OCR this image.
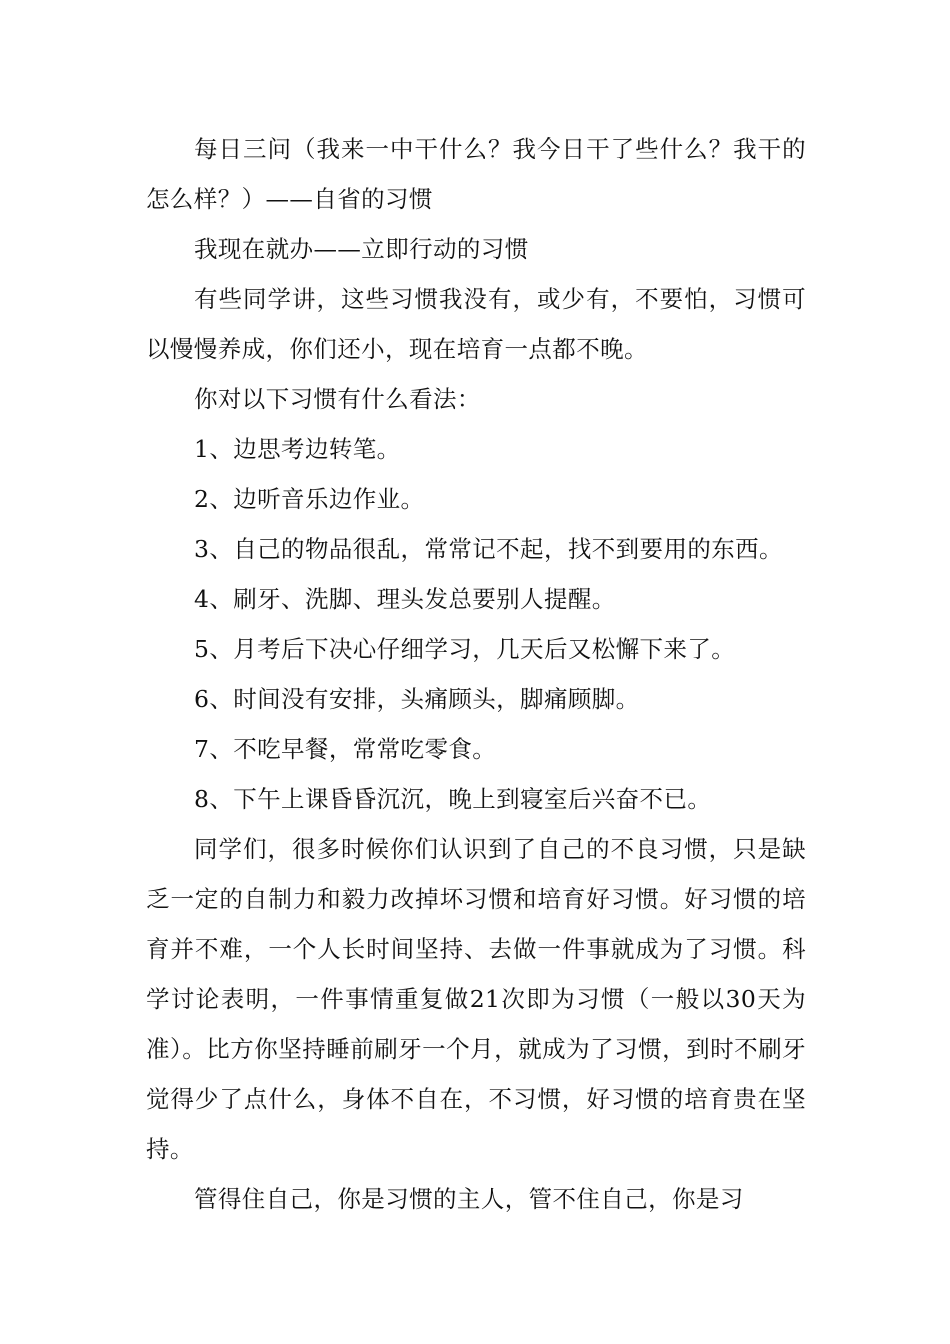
每日三问（我来一中干什么？我今日干了些什么？我干的怎么样？）——自省的习惯

我现在就办——立即行动的习惯

有些同学讲，这些习惯我没有，或少有，不要怕，习惯可以慢慢养成，你们还小，现在培育一点都不晚。

你对以下习惯有什么看法：

1、边思考边转笔。

2、边听音乐边作业。

3、自己的物品很乱，常常记不起，找不到要用的东西。

4、刷牙、洗脚、理头发总要别人提醒。

5、月考后下决心仔细学习，几天后又松懈下来了。

6、时间没有安排，头痛顾头，脚痛顾脚。

7、不吃早餐，常常吃零食。

8、下午上课昏昏沉沉，晚上到寝室后兴奋不已。

同学们，很多时候你们认识到了自己的不良习惯，只是缺乏一定的自制力和毅力改掉坏习惯和培育好习惯。好习惯的培育并不难，一个人长时间坚持、去做一件事就成为了习惯。科学讨论表明，一件事情重复做21次即为习惯（一般以30天为准）。比方你坚持睡前刷牙一个月，就成为了习惯，到时不刷牙觉得少了点什么，身体不自在，不习惯，好习惯的培育贵在坚持。

管得住自己，你是习惯的主人，管不住自己，你是习
